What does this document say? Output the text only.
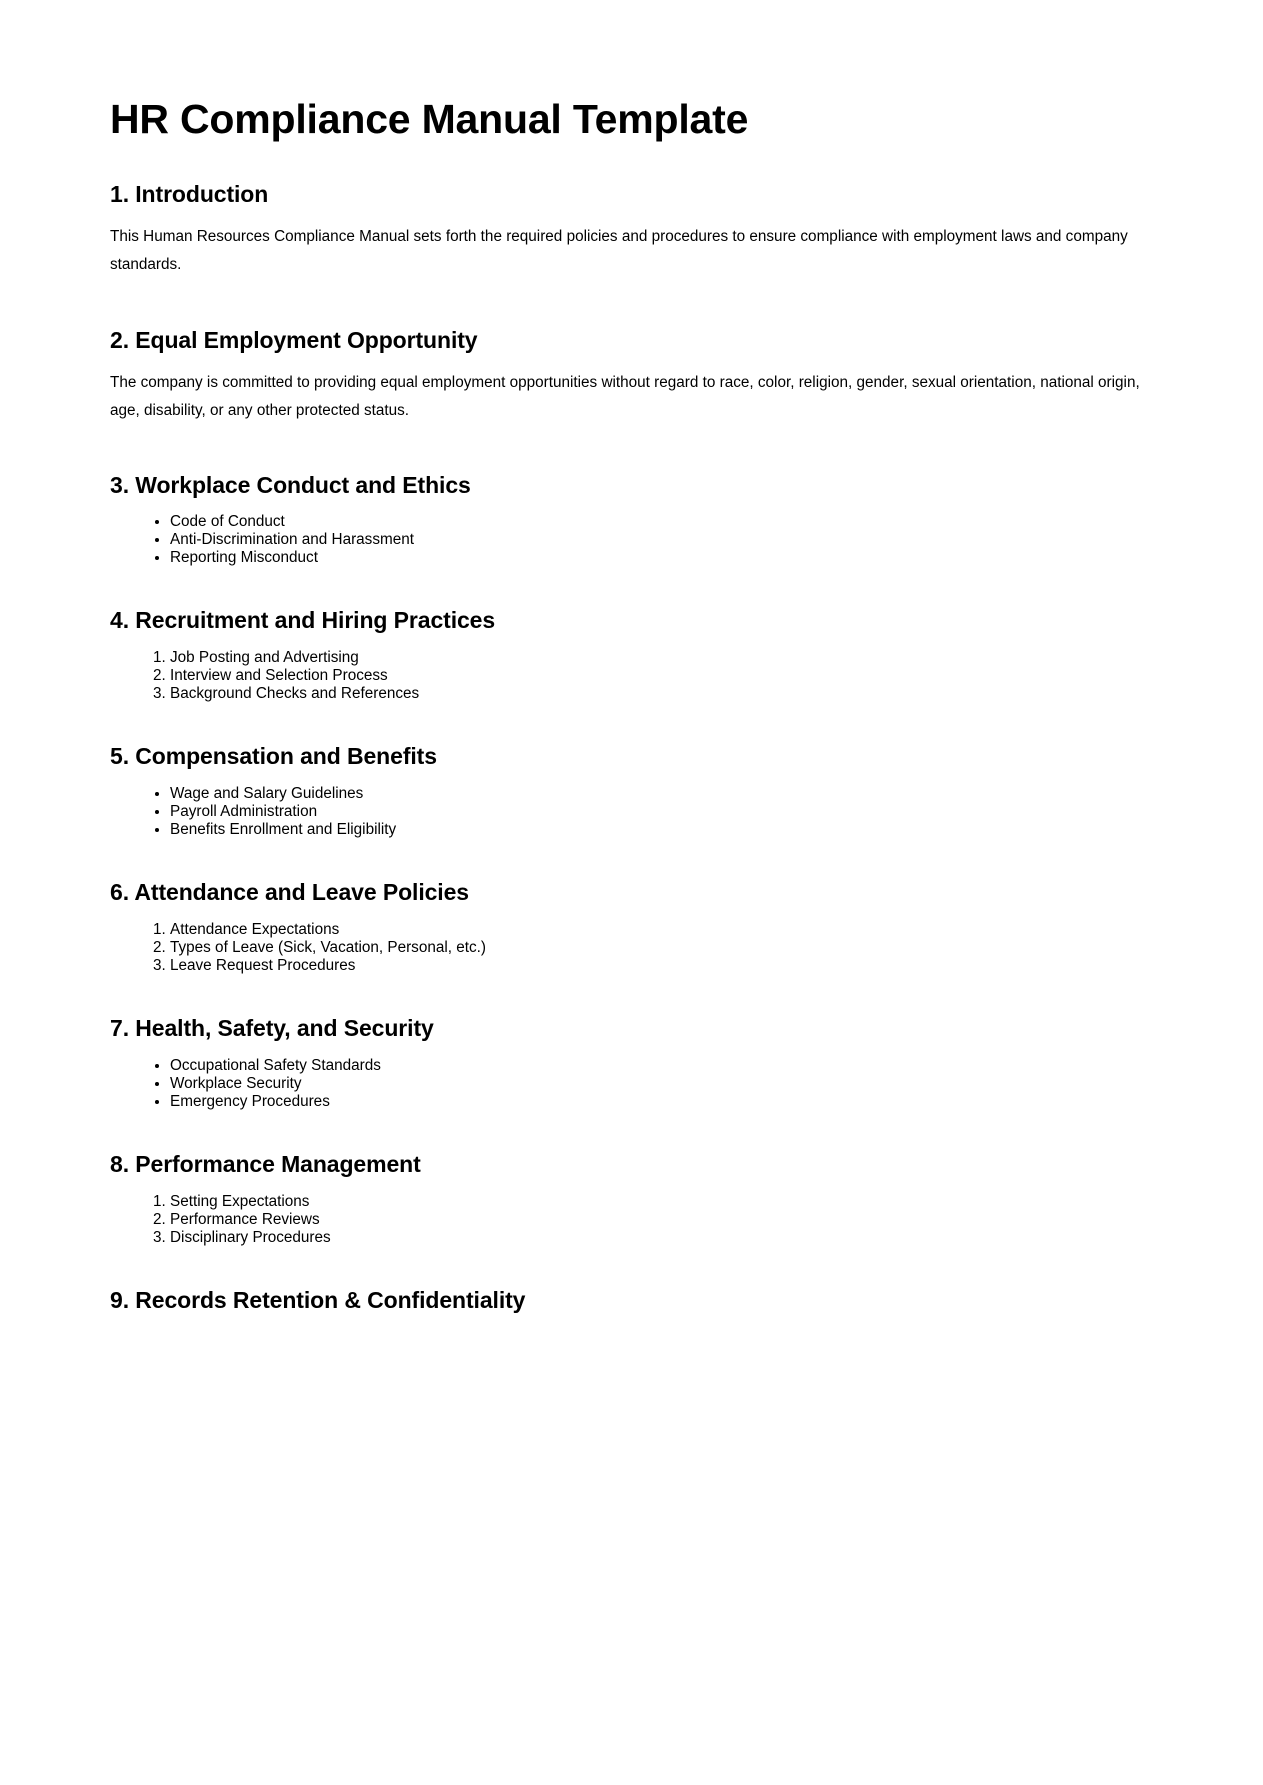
HR Compliance Manual Template
1. Introduction

This Human Resources Compliance Manual sets forth the required policies and procedures to ensure compliance with employment laws and company standards.

2. Equal Employment Opportunity

The company is committed to providing equal employment opportunities without regard to race, color, religion, gender, sexual orientation, national origin, age, disability, or any other protected status.

3. Workplace Conduct and Ethics
• Code of Conduct
• Anti-Discrimination and Harassment
• Reporting Misconduct
4. Recruitment and Hiring Practices
1. Job Posting and Advertising
2. Interview and Selection Process
3. Background Checks and References
5. Compensation and Benefits
• Wage and Salary Guidelines
• Payroll Administration
• Benefits Enrollment and Eligibility
6. Attendance and Leave Policies
1. Attendance Expectations
2. Types of Leave (Sick, Vacation, Personal, etc.)
3. Leave Request Procedures
7. Health, Safety, and Security
• Occupational Safety Standards
• Workplace Security
• Emergency Procedures
8. Performance Management
1. Setting Expectations
2. Performance Reviews
3. Disciplinary Procedures
9. Records Retention & Confidentiality
